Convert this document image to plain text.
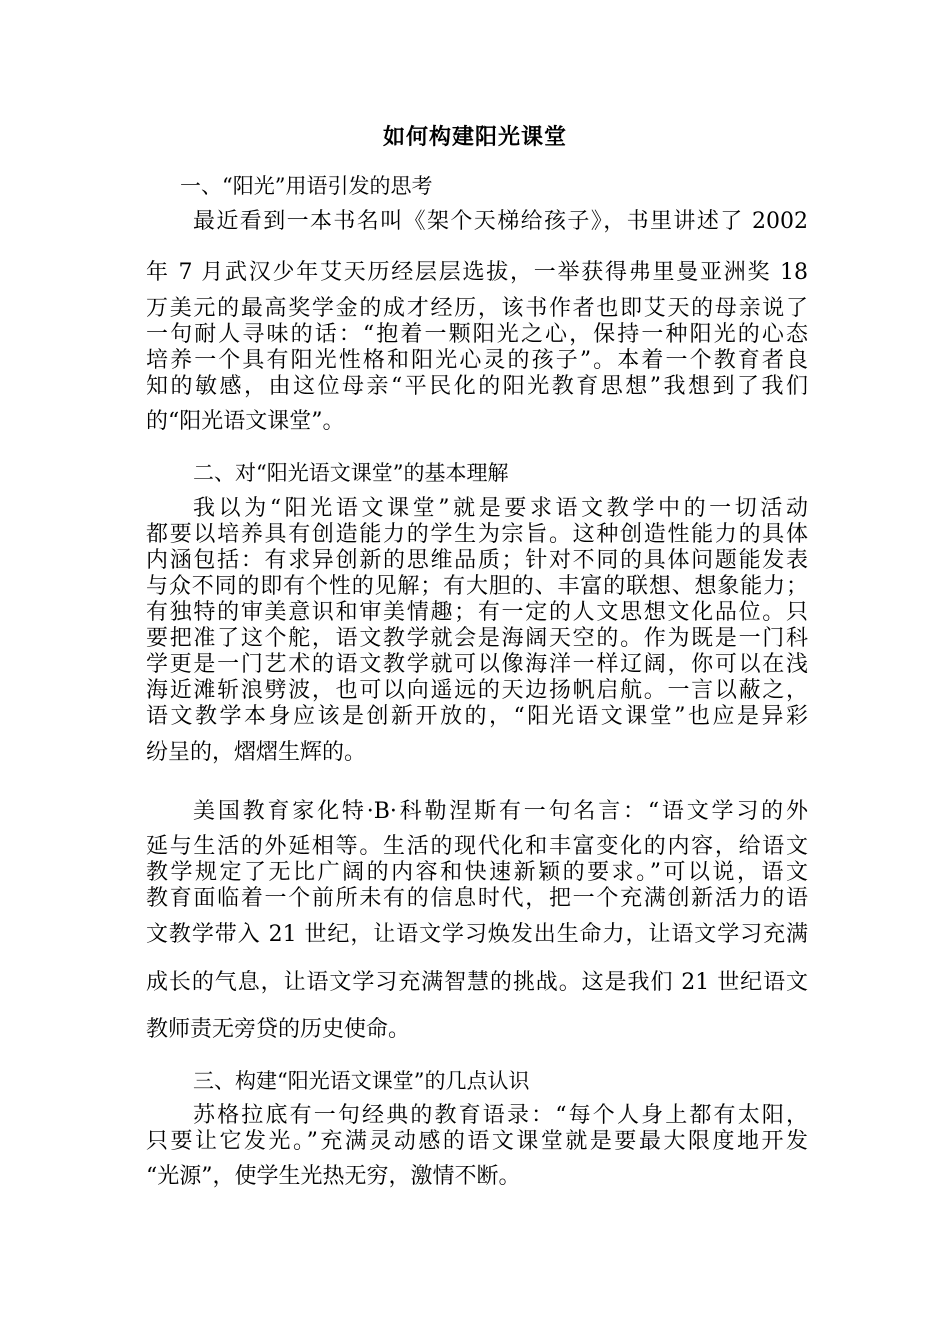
如何构建阳光课堂
一、“阳光”用语引发的思考
最近看到一本书名叫《架个天梯给孩子》，书里讲述了 2002
年 7 月武汉少年艾天历经层层选拔，一举获得弗里曼亚洲奖 18
万美元的最高奖学金的成才经历，该书作者也即艾天的母亲说了
一句耐人寻味的话：“抱着一颗阳光之心，保持一种阳光的心态
培养一个具有阳光性格和阳光心灵的孩子”。本着一个教育者良
知的敏感，由这位母亲“平民化的阳光教育思想”我想到了我们
的“阳光语文课堂”。
二、对“阳光语文课堂”的基本理解
我以为“阳光语文课堂”就是要求语文教学中的一切活动
都要以培养具有创造能力的学生为宗旨。这种创造性能力的具体
内涵包括：有求异创新的思维品质；针对不同的具体问题能发表
与众不同的即有个性的见解；有大胆的、丰富的联想、想象能力；
有独特的审美意识和审美情趣；有一定的人文思想文化品位。只
要把准了这个舵，语文教学就会是海阔天空的。作为既是一门科
学更是一门艺术的语文教学就可以像海洋一样辽阔，你可以在浅
海近滩斩浪劈波，也可以向遥远的天边扬帆启航。一言以蔽之，
语文教学本身应该是创新开放的，“阳光语文课堂”也应是异彩
纷呈的，熠熠生辉的。
美国教育家化特·B·科勒涅斯有一句名言：“语文学习的外
延与生活的外延相等。生活的现代化和丰富变化的内容，给语文
教学规定了无比广阔的内容和快速新颖的要求。”可以说，语文
教育面临着一个前所未有的信息时代，把一个充满创新活力的语
文教学带入 21 世纪，让语文学习焕发出生命力，让语文学习充满
成长的气息，让语文学习充满智慧的挑战。这是我们 21 世纪语文
教师责无旁贷的历史使命。
三、构建“阳光语文课堂”的几点认识
苏格拉底有一句经典的教育语录：“每个人身上都有太阳，
只要让它发光。”充满灵动感的语文课堂就是要最大限度地开发
“光源”，使学生光热无穷，激情不断。
